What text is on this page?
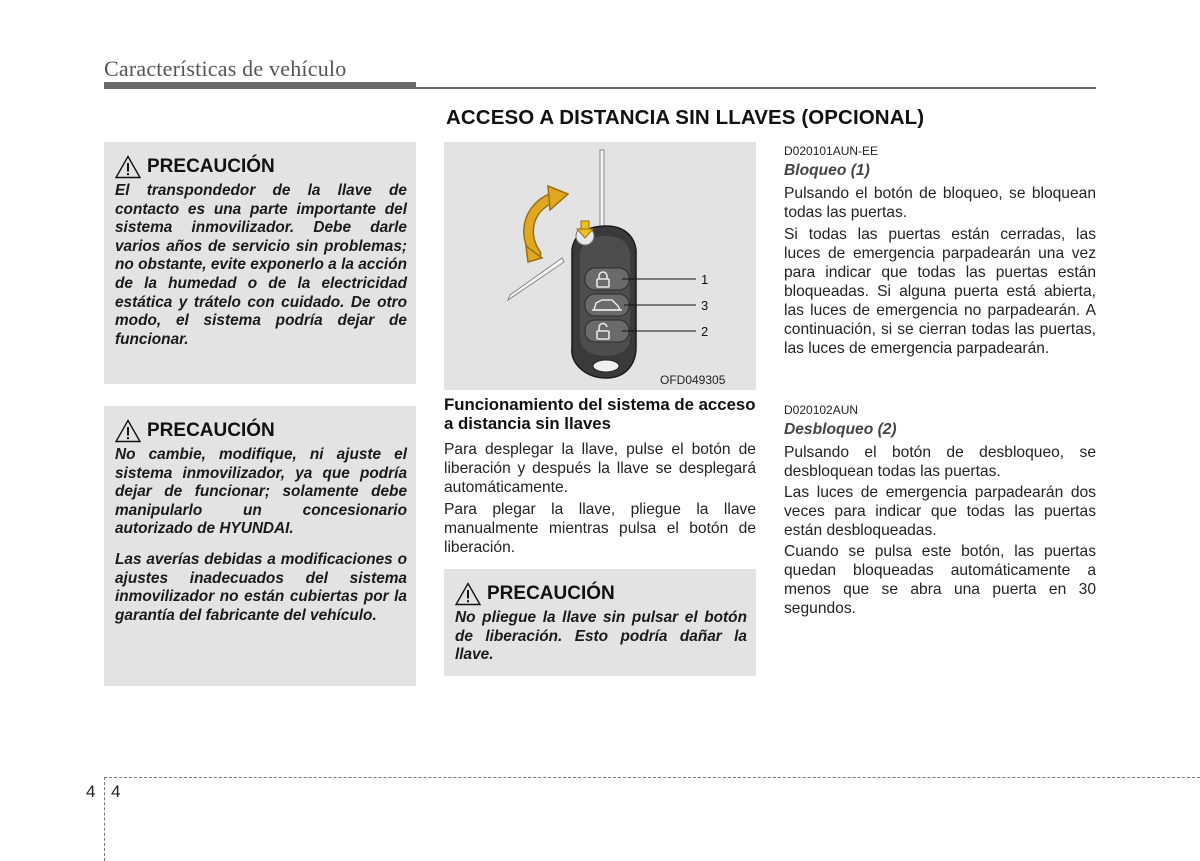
Características de vehículo
ACCESO A DISTANCIA SIN LLAVES (OPCIONAL)
PRECAUCIÓN

El transpondedor de la llave de contacto es una parte importante del sistema inmovilizador. Debe darle varios años de servicio sin problemas; no obstante, evite exponerlo a la acción de la humedad o de la electricidad estática y trátelo con cuidado. De otro modo, el sistema podría dejar de funcionar.

PRECAUCIÓN

No cambie, modifique, ni ajuste el sistema inmovilizador, ya que podría dejar de funcionar; solamente debe manipularlo un concesionario autorizado de HYUNDAI.

Las averías debidas a modificaciones o ajustes inadecuados del sistema inmovilizador no están cubiertas por la garantía del fabricante del vehículo.

1
3
2
OFD049305
Funcionamiento del sistema de acceso a distancia sin llaves

Para desplegar la llave, pulse el botón de liberación y después la llave se desplegará automáticamente.

Para plegar la llave, pliegue la llave manualmente mientras pulsa el botón de liberación.

PRECAUCIÓN

No pliegue la llave sin pulsar el botón de liberación. Esto podría dañar la llave.

D020101AUN-EE
Bloqueo (1)

Pulsando el botón de bloqueo, se bloquean todas las puertas.

Si todas las puertas están cerradas, las luces de emergencia parpadearán una vez para indicar que todas las puertas están bloqueadas. Si alguna puerta está abierta, las luces de emergencia no parpadearán. A continuación, si se cierran todas las puertas, las luces de emergencia parpadearán.

D020102AUN
Desbloqueo (2)

Pulsando el botón de desbloqueo, se desbloquean todas las puertas.

Las luces de emergencia parpadearán dos veces para indicar que todas las puertas están desbloqueadas.

Cuando se pulsa este botón, las puertas quedan bloqueadas automáticamente a menos que se abra una puerta en 30 segundos.

4 4
